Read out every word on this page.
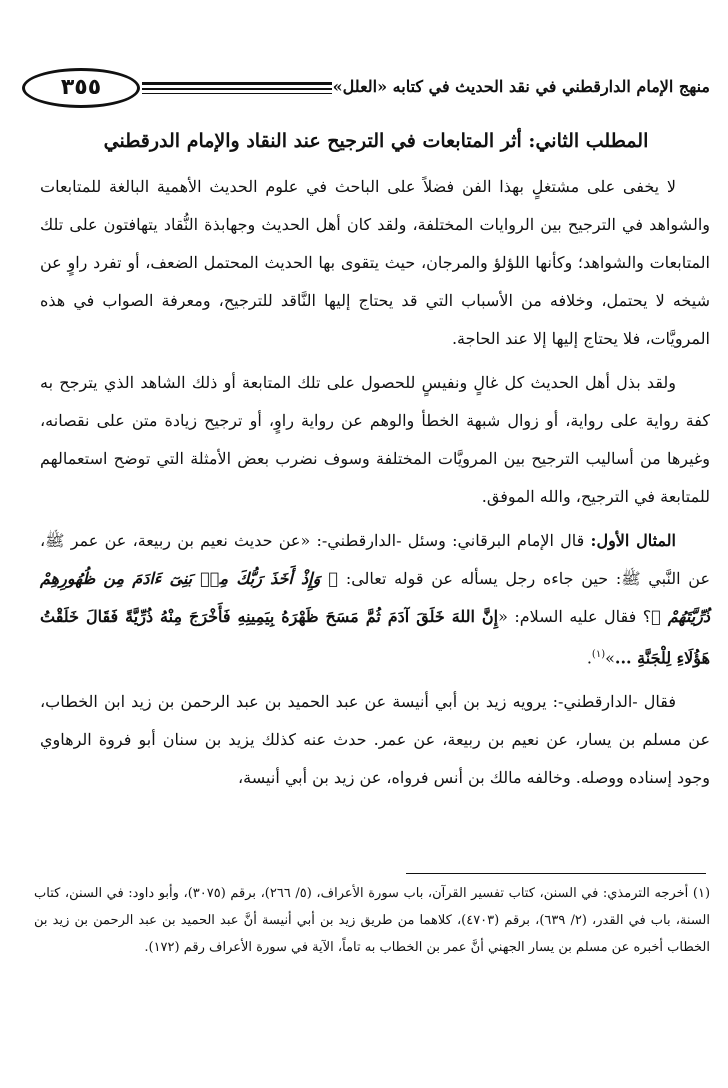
٣٥٥	منهج الإمام الدارقطني في نقد الحديث في كتابه «العلل»
المطلب الثاني: أثر المتابعات في الترجيح عند النقاد والإمام الدرقطني

لا يخفى على مشتغلٍ بهذا الفن فضلاً على الباحث في علوم الحديث الأهمية البالغة للمتابعات والشواهد في الترجيح بين الروايات المختلفة، ولقد كان أهل الحديث وجهابذة النُّقاد يتهافتون على تلك المتابعات والشواهد؛ وكأنها اللؤلؤ والمرجان، حيث يتقوى بها الحديث المحتمل الضعف، أو تفرد راوٍ عن شيخه لا يحتمل، وخلافه من الأسباب التي قد يحتاج إليها النَّاقد للترجيح، ومعرفة الصواب في هذه المرويَّات، فلا يحتاج إليها إلا عند الحاجة.

ولقد بذل أهل الحديث كل غالٍ ونفيسٍ للحصول على تلك المتابعة أو ذلك الشاهد الذي يترجح به كفة رواية على رواية، أو زوال شبهة الخطأ والوهم عن رواية راوٍ، أو ترجيح زيادة متن على نقصانه، وغيرها من أساليب الترجيح بين المرويَّات المختلفة وسوف نضرب بعض الأمثلة التي توضح استعمالهم للمتابعة في الترجيح، والله الموفق.

المثال الأول: قال الإمام البرقاني: وسئل -الدارقطني-: «عن حديث نعيم بن ربيعة، عن عمر ﷺ، عن النَّبي ﷺ: حين جاءه رجل يسأله عن قوله تعالى: ﴿ وَإِذْ أَخَذَ رَبُّكَ مِنۢ بَنِىٓ ءَادَمَ مِن ظُهُورِهِمْ ذُرِّيَّتَهُمْ ﴾؟ فقال عليه السلام: «إِنَّ اللهَ خَلَقَ آدَمَ ثُمَّ مَسَحَ ظَهْرَهُ بِيَمِينِهِ فَأَخْرَجَ مِنْهُ ذُرِّيَّةً فَقَالَ خَلَقْتُ هَؤُلَاءِ لِلْجَنَّةِ ...»$^{(١)}$.

فقال -الدارقطني-: يرويه زيد بن أبي أنيسة عن عبد الحميد بن عبد الرحمن بن زيد ابن الخطاب، عن مسلم بن يسار، عن نعيم بن ربيعة، عن عمر. حدث عنه كذلك يزيد بن سنان أبو فروة الرهاوي وجود إسناده ووصله. وخالفه مالك بن أنس فرواه، عن زيد بن أبي أنيسة،

(١) أخرجه الترمذي: في السنن، كتاب تفسير القرآن، باب سورة الأعراف، (٥/ ٢٦٦)، برقم (٣٠٧٥)، وأبو داود: في السنن، كتاب السنة، باب في القدر، (٢/ ٦٣٩)، برقم (٤٧٠٣)، كلاهما من طريق زيد بن أبي أنيسة أنَّ عبد الحميد بن عبد الرحمن بن زيد بن الخطاب أخبره عن مسلم بن يسار الجهني أنَّ عمر بن الخطاب به تاماً، الآية في سورة الأعراف رقم (١٧٢).
